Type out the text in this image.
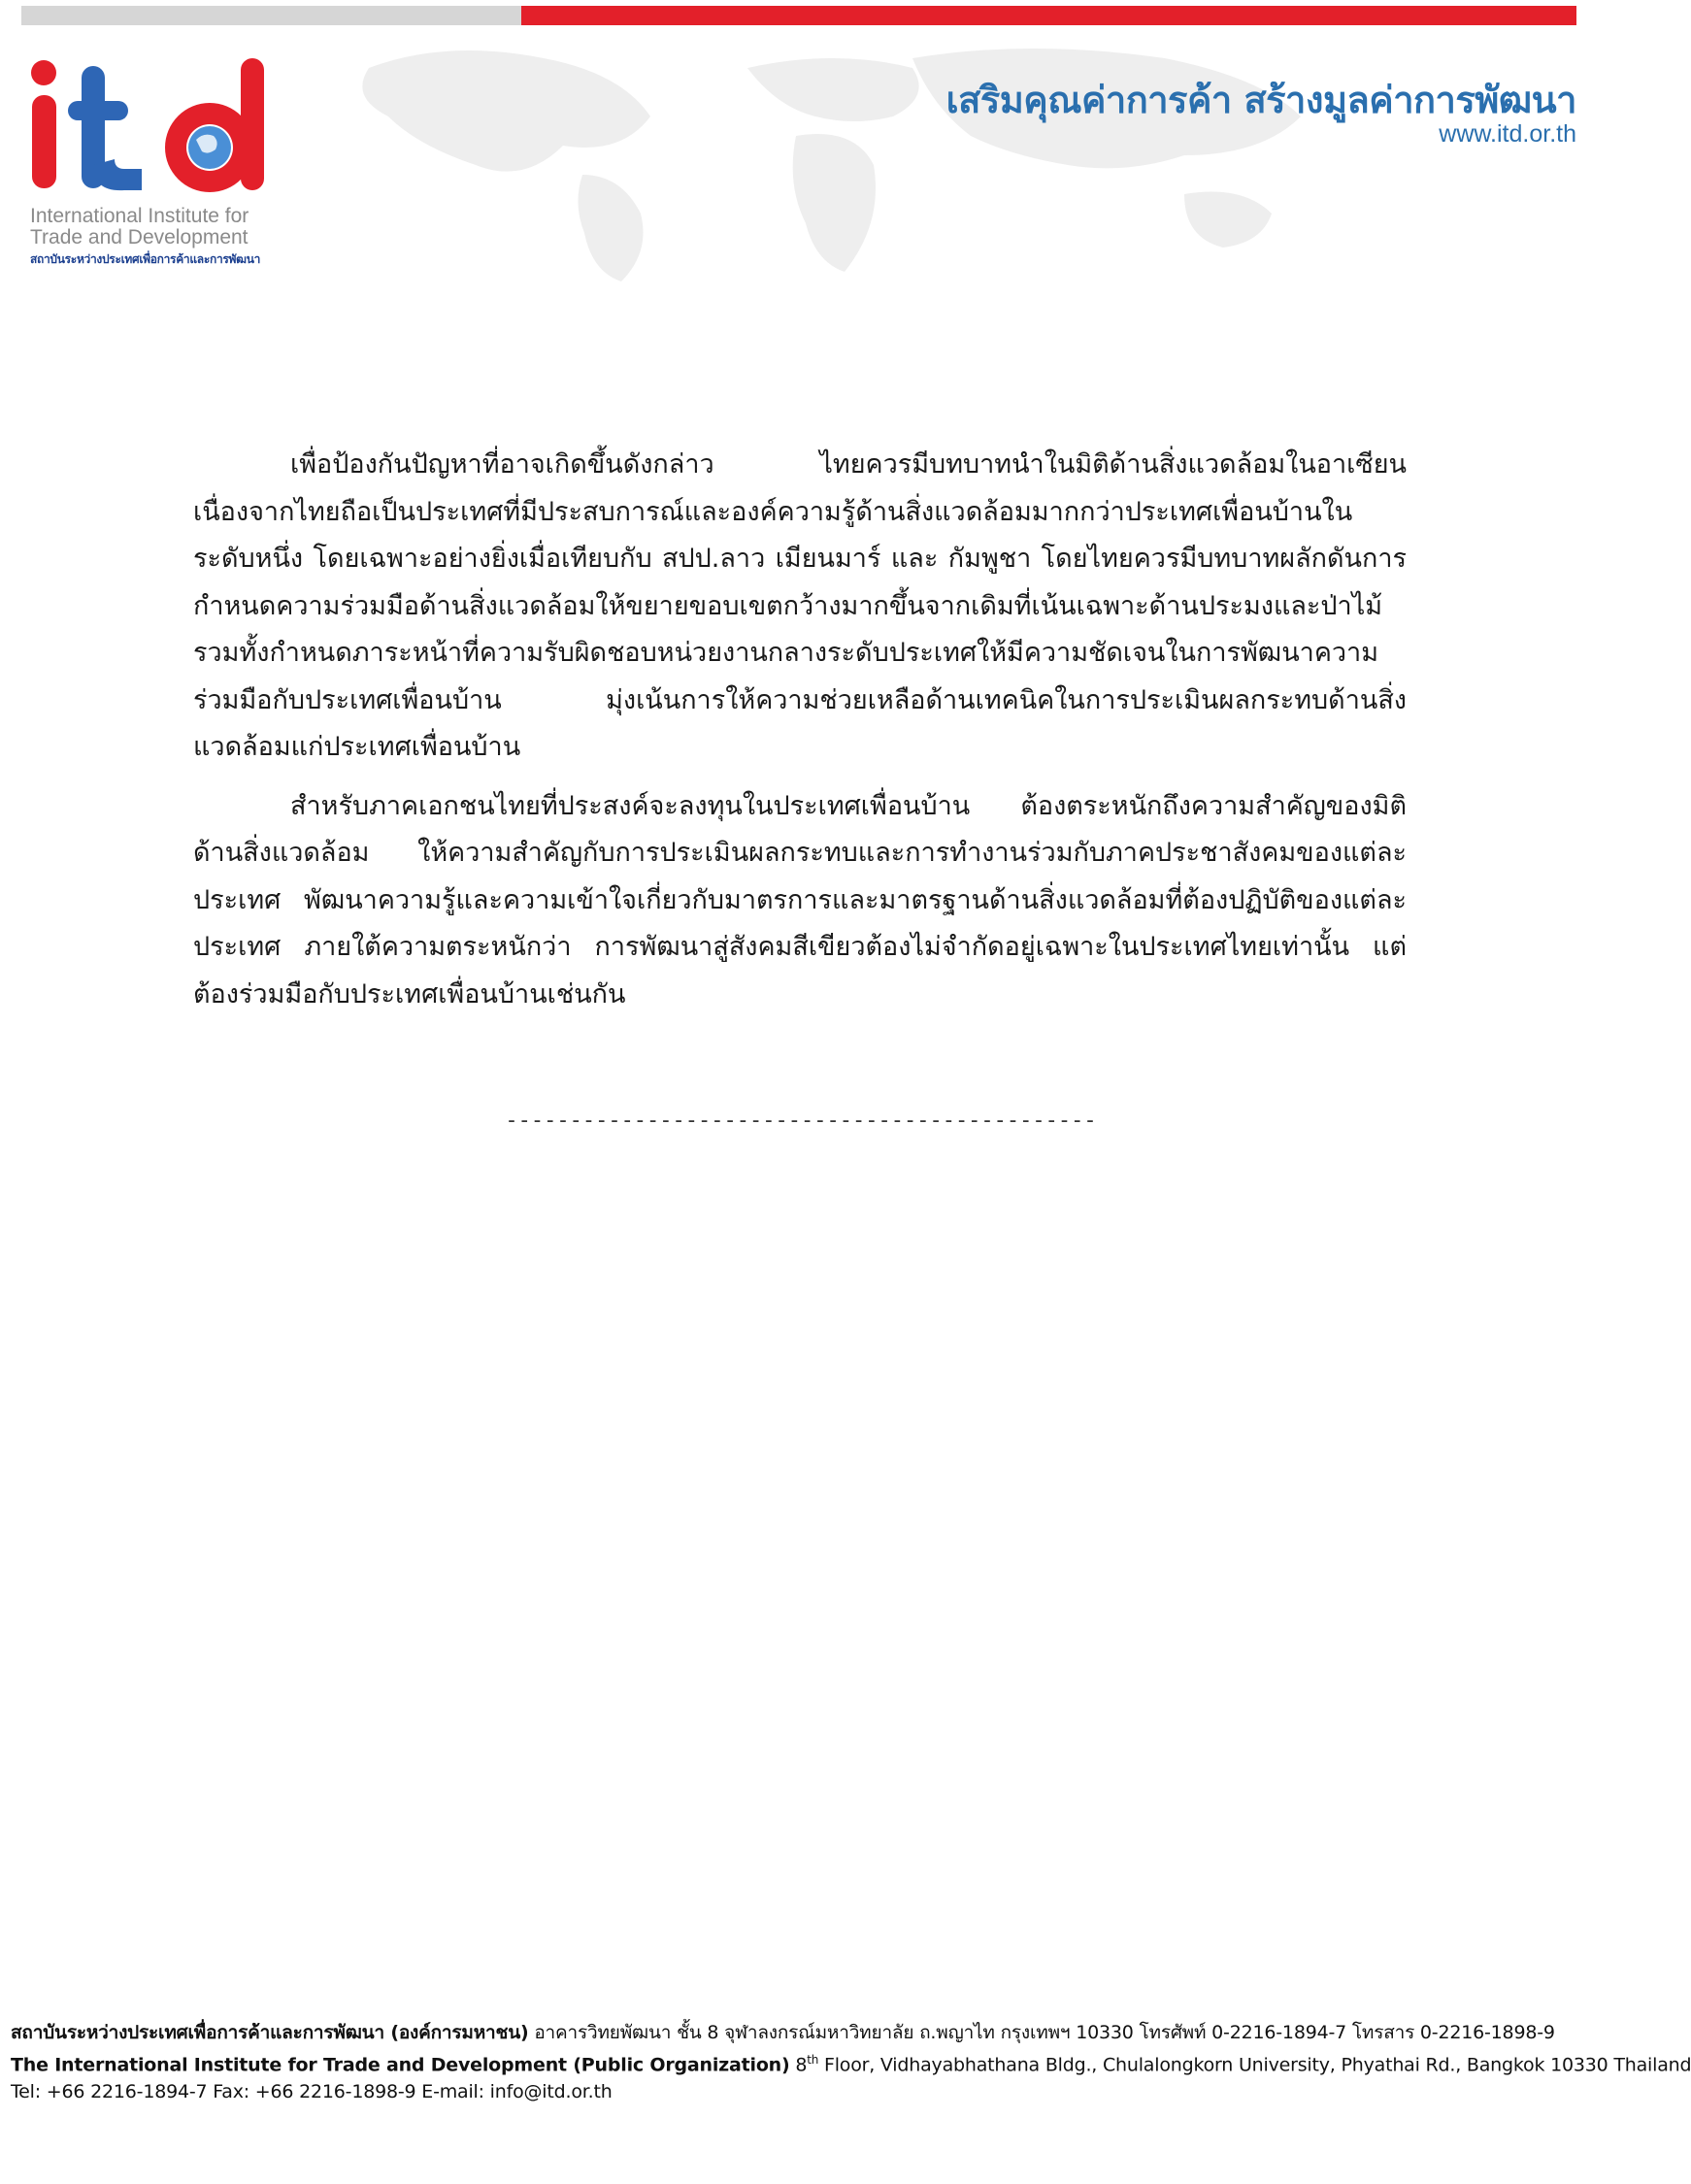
International Institute for
Trade and Development
สถาบันระหว่างประเทศเพื่อการค้าและการพัฒนา
เสริมคุณค่าการค้า สร้างมูลค่าการพัฒนา
www.itd.or.th

เพื่อป้องกันปัญหาที่อาจเกิดขึ้นดังกล่าว ไทยควรมีบทบาทนำในมิติด้านสิ่งแวดล้อมในอาเซียน เนื่องจากไทยถือเป็นประเทศที่มีประสบการณ์และองค์ความรู้ด้านสิ่งแวดล้อมมากกว่าประเทศเพื่อนบ้านในระดับหนึ่ง โดยเฉพาะอย่างยิ่งเมื่อเทียบกับ สปป.ลาว เมียนมาร์ และ กัมพูชา โดยไทยควรมีบทบาทผลักดันการกำหนดความร่วมมือด้านสิ่งแวดล้อมให้ขยายขอบเขตกว้างมากขึ้นจากเดิมที่เน้นเฉพาะด้านประมงและป่าไม้ รวมทั้งกำหนดภาระหน้าที่ความรับผิดชอบหน่วยงานกลางระดับประเทศให้มีความชัดเจนในการพัฒนาความร่วมมือกับประเทศเพื่อนบ้าน มุ่งเน้นการให้ความช่วยเหลือด้านเทคนิคในการประเมินผลกระทบด้านสิ่งแวดล้อมแก่ประเทศเพื่อนบ้าน

สำหรับภาคเอกชนไทยที่ประสงค์จะลงทุนในประเทศเพื่อนบ้าน ต้องตระหนักถึงความสำคัญของมิติด้านสิ่งแวดล้อม ให้ความสำคัญกับการประเมินผลกระทบและการทำงานร่วมกับภาคประชาสังคมของแต่ละประเทศ พัฒนาความรู้และความเข้าใจเกี่ยวกับมาตรการและมาตรฐานด้านสิ่งแวดล้อมที่ต้องปฏิบัติของแต่ละประเทศ ภายใต้ความตระหนักว่า การพัฒนาสู่สังคมสีเขียวต้องไม่จำกัดอยู่เฉพาะในประเทศไทยเท่านั้น แต่ต้องร่วมมือกับประเทศเพื่อนบ้านเช่นกัน

----------------------------------------------
สถาบันระหว่างประเทศเพื่อการค้าและการพัฒนา (องค์การมหาชน) อาคารวิทยพัฒนา ชั้น 8 จุฬาลงกรณ์มหาวิทยาลัย ถ.พญาไท กรุงเทพฯ 10330 โทรศัพท์ 0-2216-1894-7 โทรสาร 0-2216-1898-9
The International Institute for Trade and Development (Public Organization) 8th Floor, Vidhayabhathana Bldg., Chulalongkorn University, Phyathai Rd., Bangkok 10330 Thailand
Tel: +66 2216-1894-7 Fax: +66 2216-1898-9 E-mail: info@itd.or.th
